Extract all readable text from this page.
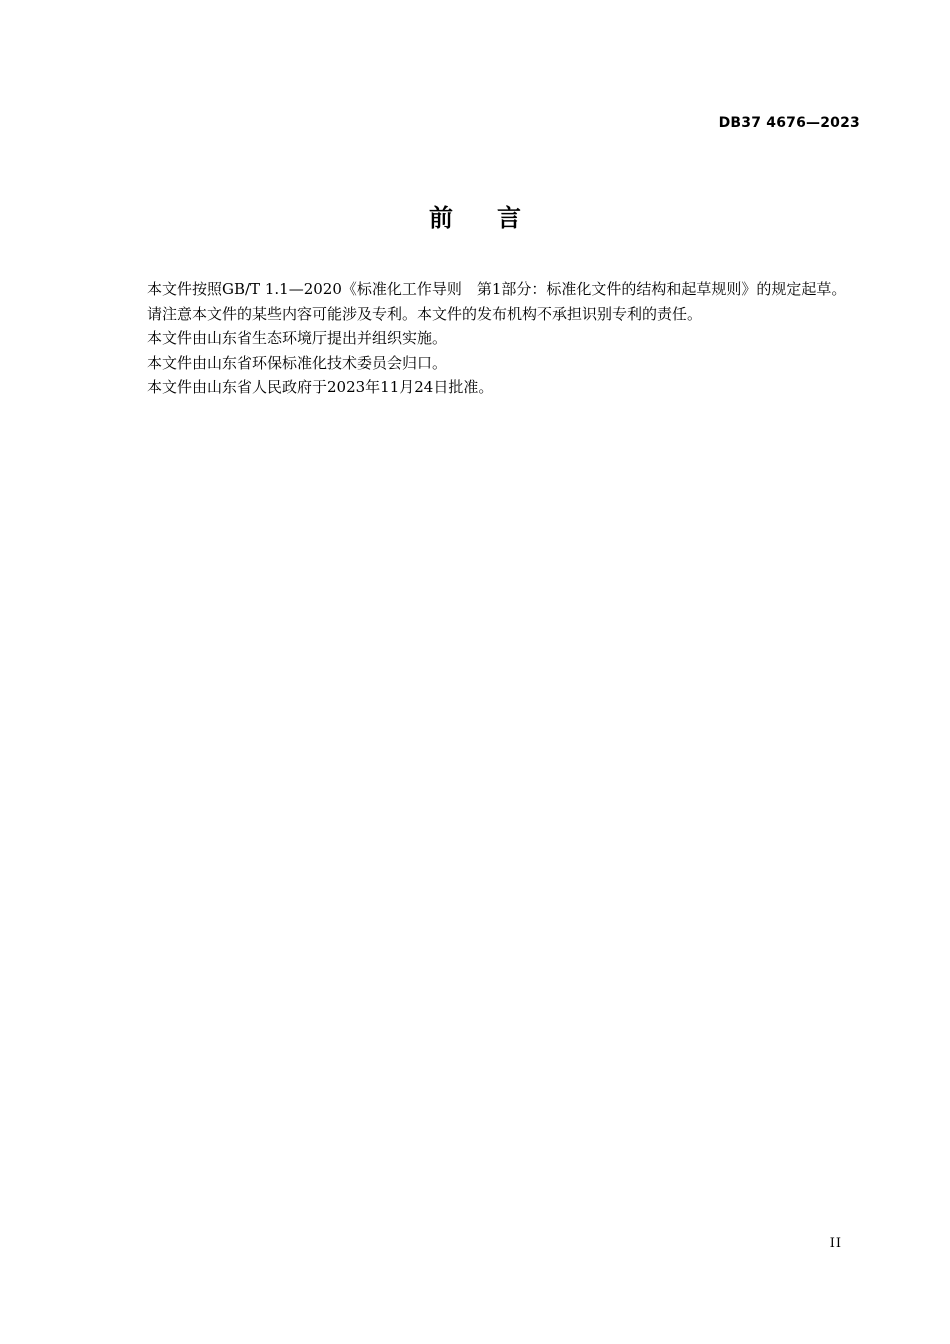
DB37 4676—2023
前言

本文件按照GB/T 1.1—2020《标准化工作导则　第1部分：标准化文件的结构和起草规则》的规定起草。

请注意本文件的某些内容可能涉及专利。本文件的发布机构不承担识别专利的责任。

本文件由山东省生态环境厅提出并组织实施。

本文件由山东省环保标准化技术委员会归口。

本文件由山东省人民政府于2023年11月24日批准。

II
